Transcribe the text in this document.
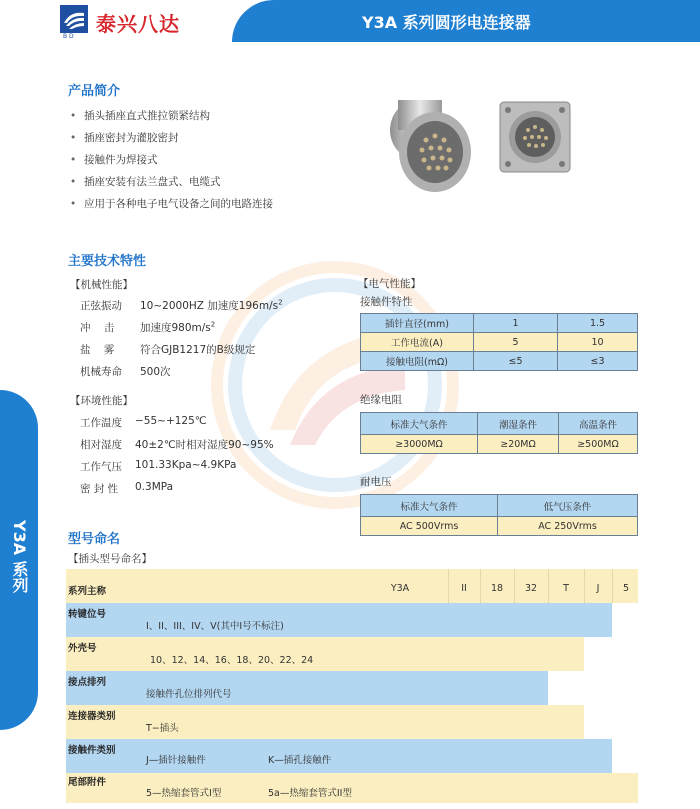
B D
泰兴八达	Y3A 系列圆形电连接器
Y3A 系列
产品简介
• 插头插座直式推拉锁紧结构
• 插座密封为灌胶密封
• 接触件为焊接式
• 插座安装有法兰盘式、电缆式
• 应用于各种电子电气设备之间的电路连接
主要技术特性
【机械性能】
正弦振动 10~2000HZ 加速度$196m/s^2$
冲    击 加速度$980m/s^2$
盐    雾 符合GJB1217的B级规定
机械寿命 500次
【环境性能】
工作温度 −55~+125℃
相对湿度 40±2℃时相对湿度90~95%
工作气压 101.33Kpa~4.9KPa
密 封 性 0.3MPa
【电气性能】
接触件特性
插针直径(mm)	1	1.5
工作电流(A)	5	10
接触电阻(mΩ)	≤5	≤3
绝缘电阻
标准大气条件	潮湿条件	高温条件
≥3000MΩ	≥20MΩ	≥500MΩ
耐电压
标准大气条件	低气压条件
AC 500Vrms	AC 250Vrms
型号命名
【插头型号命名】
系列主称	Y3A	II	18	32	T	J	5
转键位号
I、II、III、IV、V(其中I号不标注)
外壳号
10、12、14、16、18、20、22、24
接点排列
接触件孔位排列代号
连接器类别
T−插头
接触件类别
J—插针接触件	K—插孔接触件
尾部附件
5—热缩套管式I型	5a—热缩套管式II型
